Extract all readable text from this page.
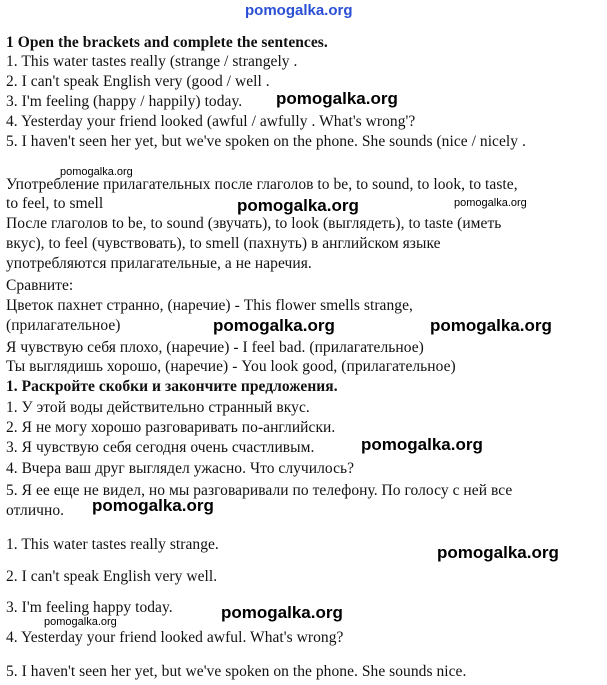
pomogalka.org
1 Open the brackets and complete the sentences.
1. This water tastes really (strange / strangely .
2. I can't speak English very (good / well .
3. I'm feeling (happy / happily) today. pomogalka.org
4. Yesterday your friend looked (awful / awfully . What's wrong'?
5. I haven't seen her yet, but we've spoken on the phone. She sounds (nice / nicely .
pomogalka.org
Употребление прилагательных после глаголов to be, to sound, to look, to taste,
to feel, to smell	pomogalka.org	pomogalka.org
После глаголов to be, to sound (звучать), to look (выглядеть), to taste (иметь
вкус), to feel (чувствовать), to smell (пахнуть) в английском языке
употребляются прилагательные, а не наречия.
Сравните:
Цветок пахнет странно, (наречие) - This flower smells strange,
(прилагательное)	pomogalka.org	pomogalka.org
Я чувствую себя плохо, (наречие) - I feel bad. (прилагательное)
Ты выглядишь хорошо, (наречие) - You look good, (прилагательное)
1. Раскройте скобки и закончите предложения.
1. У этой воды действительно странный вкус.
2. Я не могу хорошо разговаривать по-английски.
3. Я чувствую себя сегодня очень счастливым.	pomogalka.org
4. Вчера ваш друг выглядел ужасно. Что случилось?
5. Я ее еще не видел, но мы разговаривали по телефону. По голосу с ней все
отлично. pomogalka.org
1. This water tastes really strange.	pomogalka.org
2. I can't speak English very well.
3. I'm feeling happy today.	pomogalka.org
pomogalka.org
4. Yesterday your friend looked awful. What's wrong?
5. I haven't seen her yet, but we've spoken on the phone. She sounds nice.
